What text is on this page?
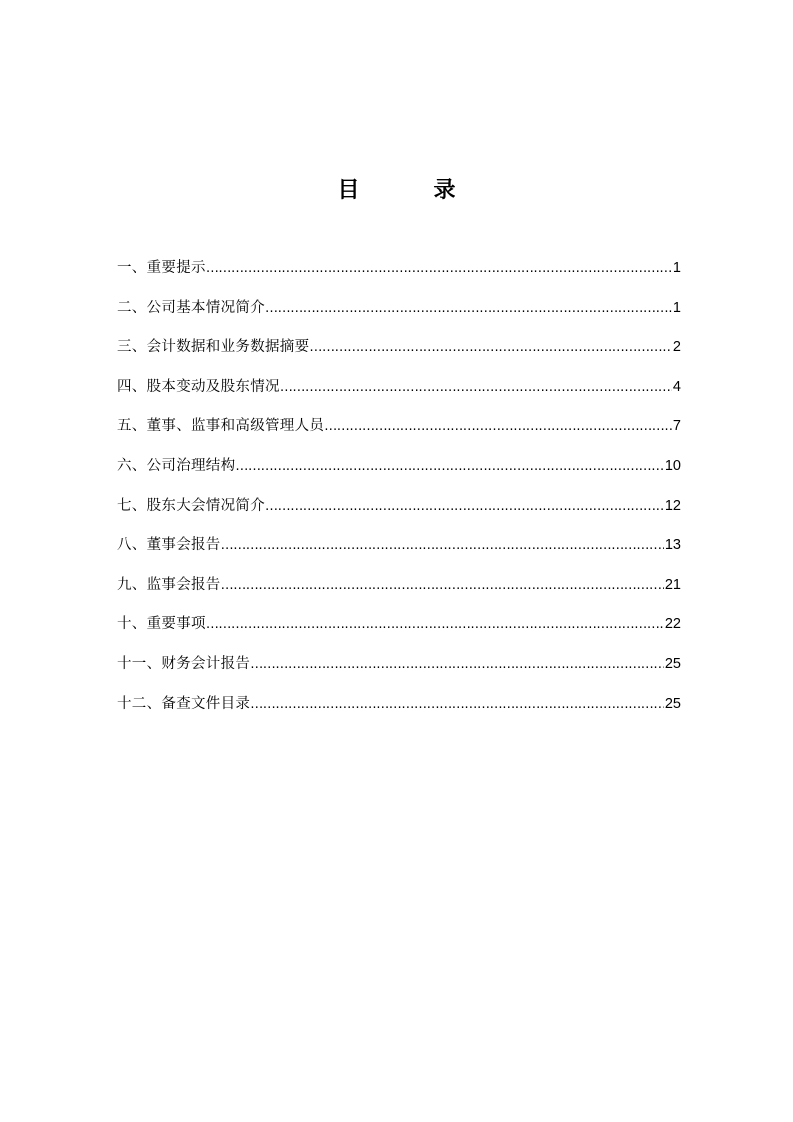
目　录
一、重要提示 ……………………………………………………………………………………………………………………………………………………………………………………………………	1
二、公司基本情况简介 ……………………………………………………………………………………………………………………………………………………………………………………………………	1
三、会计数据和业务数据摘要 ……………………………………………………………………………………………………………………………………………………………………………………………………	2
四、股本变动及股东情况 ……………………………………………………………………………………………………………………………………………………………………………………………………	4
五、董事、监事和高级管理人员 ……………………………………………………………………………………………………………………………………………………………………………………………………	7
六、公司治理结构 ……………………………………………………………………………………………………………………………………………………………………………………………………	10
七、股东大会情况简介 ……………………………………………………………………………………………………………………………………………………………………………………………………	12
八、董事会报告 ……………………………………………………………………………………………………………………………………………………………………………………………………	13
九、监事会报告 ……………………………………………………………………………………………………………………………………………………………………………………………………	21
十、重要事项 ……………………………………………………………………………………………………………………………………………………………………………………………………	22
十一、财务会计报告 ……………………………………………………………………………………………………………………………………………………………………………………………………	25
十二、备查文件目录 ……………………………………………………………………………………………………………………………………………………………………………………………………	25
